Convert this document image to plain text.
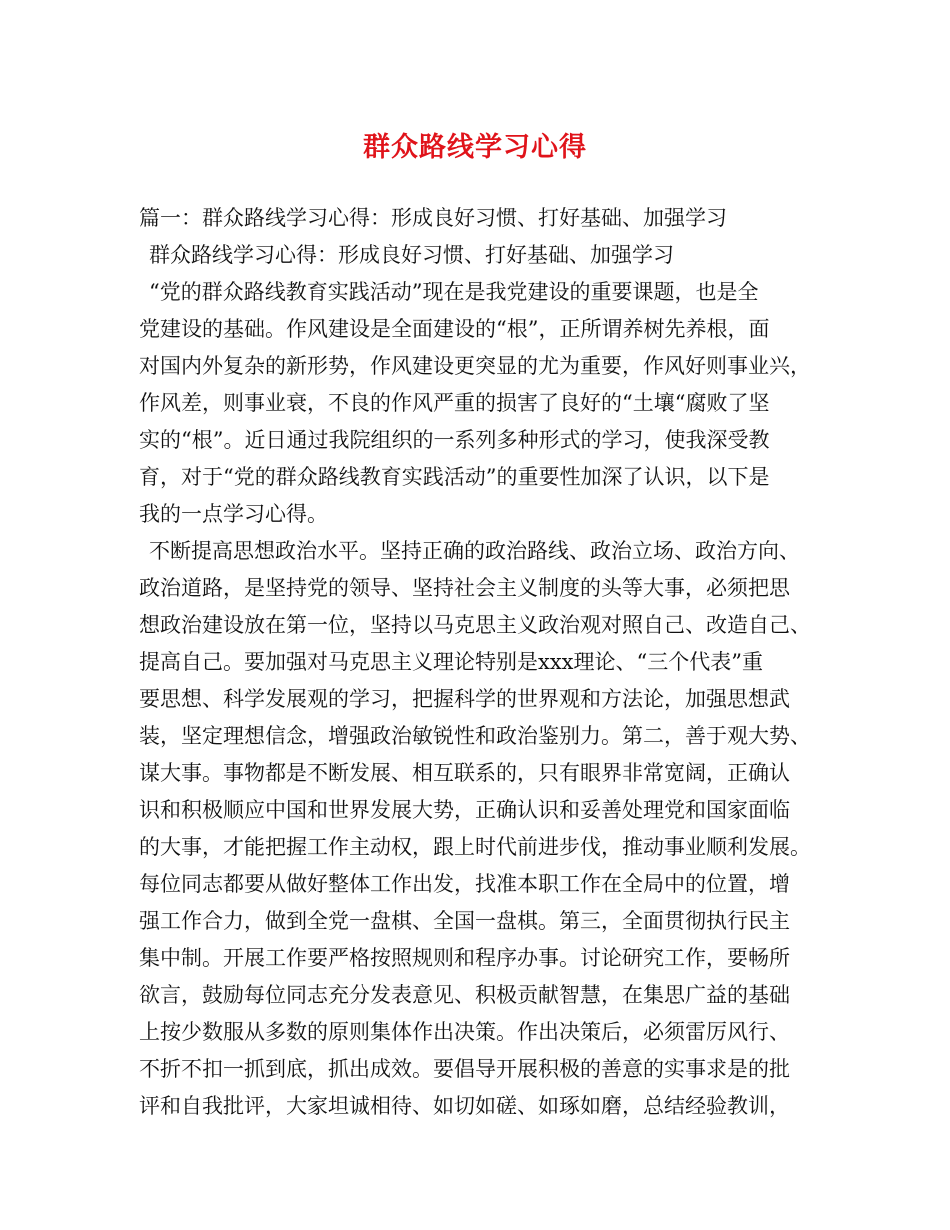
群众路线学习心得
篇一：群众路线学习心得：形成良好习惯、打好基础、加强学习
群众路线学习心得：形成良好习惯、打好基础、加强学习
“党的群众路线教育实践活动”现在是我党建设的重要课题，也是全
党建设的基础。作风建设是全面建设的“根”，正所谓养树先养根，面
对国内外复杂的新形势，作风建设更突显的尤为重要，作风好则事业兴，
作风差，则事业衰，不良的作风严重的损害了良好的“土壤“腐败了坚
实的“根”。近日通过我院组织的一系列多种形式的学习，使我深受教
育，对于“党的群众路线教育实践活动”的重要性加深了认识，以下是
我的一点学习心得。
不断提高思想政治水平。坚持正确的政治路线、政治立场、政治方向、
政治道路，是坚持党的领导、坚持社会主义制度的头等大事，必须把思
想政治建设放在第一位，坚持以马克思主义政治观对照自己、改造自己、
提高自己。要加强对马克思主义理论特别是xxx理论、“三个代表”重
要思想、科学发展观的学习，把握科学的世界观和方法论，加强思想武
装，坚定理想信念，增强政治敏锐性和政治鉴别力。第二，善于观大势、
谋大事。事物都是不断发展、相互联系的，只有眼界非常宽阔，正确认
识和积极顺应中国和世界发展大势，正确认识和妥善处理党和国家面临
的大事，才能把握工作主动权，跟上时代前进步伐，推动事业顺利发展。
每位同志都要从做好整体工作出发，找准本职工作在全局中的位置，增
强工作合力，做到全党一盘棋、全国一盘棋。第三，全面贯彻执行民主
集中制。开展工作要严格按照规则和程序办事。讨论研究工作，要畅所
欲言，鼓励每位同志充分发表意见、积极贡献智慧，在集思广益的基础
上按少数服从多数的原则集体作出决策。作出决策后，必须雷厉风行、
不折不扣一抓到底，抓出成效。要倡导开展积极的善意的实事求是的批
评和自我批评，大家坦诚相待、如切如磋、如琢如磨，总结经验教训，
